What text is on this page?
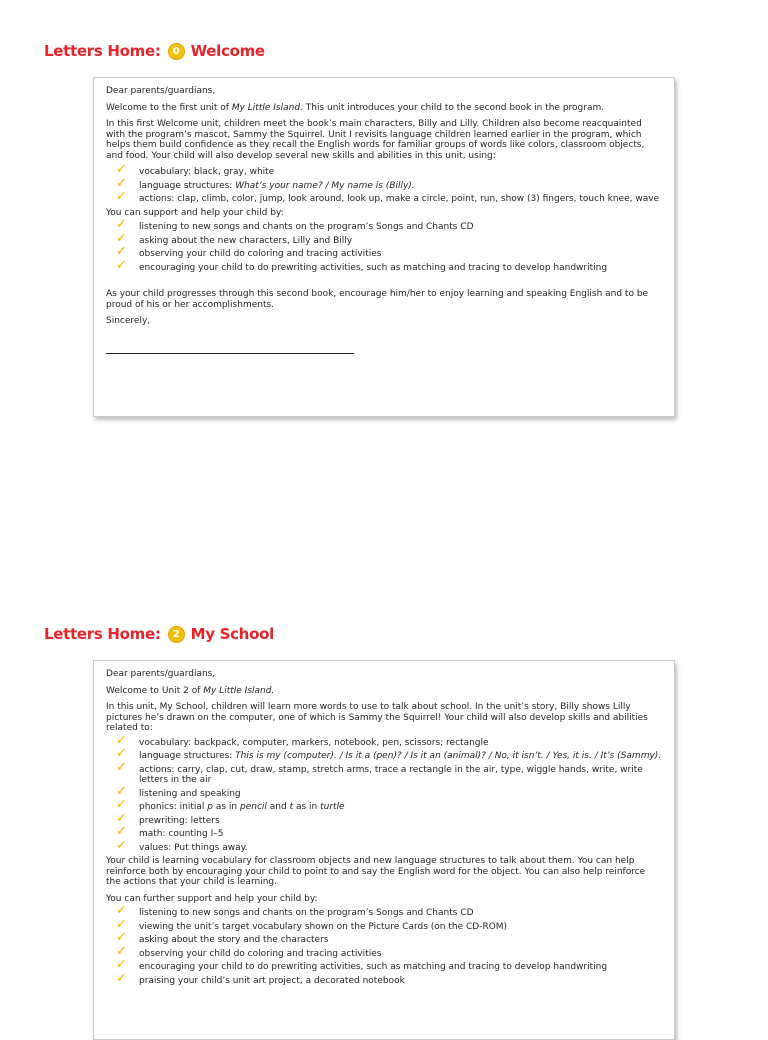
Letters Home:	0 Welcome

Dear parents/guardians,

Welcome to the first unit of My Little Island. This unit introduces your child to the second book in the program.

In this first Welcome unit, children meet the book’s main characters, Billy and Lilly. Children also become reacquainted with the program’s mascot, Sammy the Squirrel. Unit I revisits language children learned earlier in the program, which helps them build confidence as they recall the English words for familiar groups of words like colors, classroom objects, and food. Your child will also develop several new skills and abilities in this unit, using:

✓ vocabulary: black, gray, white
✓ language structures: What’s your name? / My name is (Billy).
✓ actions: clap, climb, color, jump, look around, look up, make a circle, point, run, show (3) fingers, touch knee, wave

You can support and help your child by:

✓ listening to new songs and chants on the program’s Songs and Chants CD
✓ asking about the new characters, Lilly and Billy
✓ observing your child do coloring and tracing activities
✓ encouraging your child to do prewriting activities, such as matching and tracing to develop handwriting

As your child progresses through this second book, encourage him/her to enjoy learning and speaking English and to be proud of his or her accomplishments.

Sincerely,

Letters Home:	2 My School

Dear parents/guardians,

Welcome to Unit 2 of My Little Island.

In this unit, My School, children will learn more words to use to talk about school. In the unit’s story, Billy shows Lilly pictures he’s drawn on the computer, one of which is Sammy the Squirrel! Your child will also develop skills and abilities related to:

✓ vocabulary: backpack, computer, markers, notebook, pen, scissors; rectangle
✓ language structures: This is my (computer). / Is it a (pen)? / Is it an (animal)? / No, it isn’t. / Yes, it is. / It’s (Sammy).
✓ actions: carry, clap, cut, draw, stamp, stretch arms, trace a rectangle in the air, type, wiggle hands, write, write letters in the air
✓ listening and speaking
✓ phonics: initial p as in pencil and t as in turtle
✓ prewriting: letters
✓ math: counting I–5
✓ values: Put things away.

Your child is learning vocabulary for classroom objects and new language structures to talk about them. You can help reinforce both by encouraging your child to point to and say the English word for the object. You can also help reinforce the actions that your child is learning.

You can further support and help your child by:

✓ listening to new songs and chants on the program’s Songs and Chants CD
✓ viewing the unit’s target vocabulary shown on the Picture Cards (on the CD-ROM)
✓ asking about the story and the characters
✓ observing your child do coloring and tracing activities
✓ encouraging your child to do prewriting activities, such as matching and tracing to develop handwriting
✓ praising your child’s unit art project, a decorated notebook
